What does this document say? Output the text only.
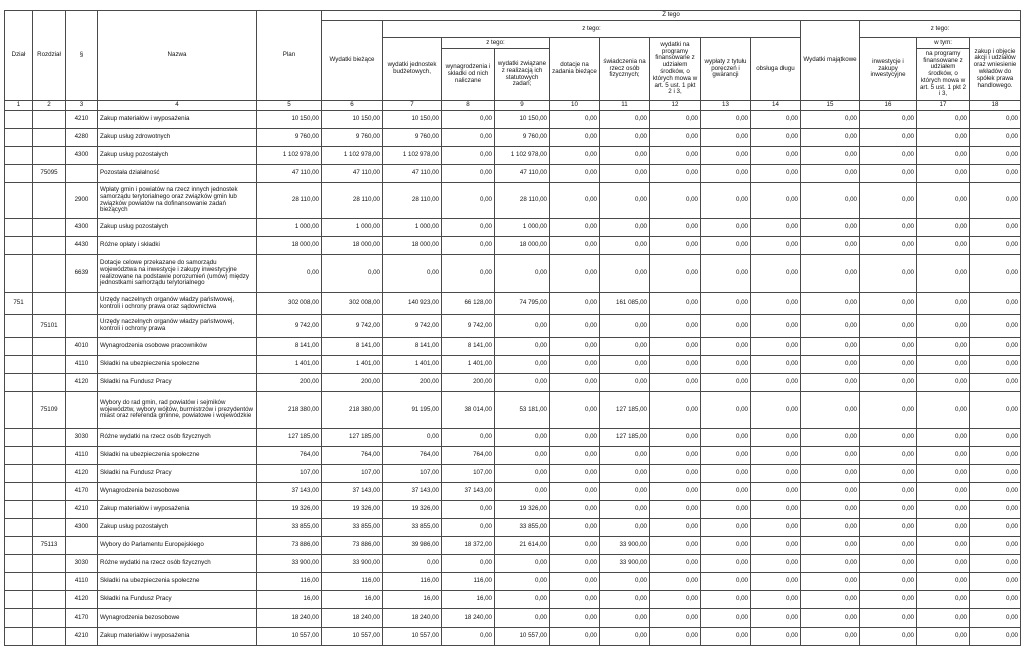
Dział	Rozdział	§	Nazwa	Plan	Z tego												
					Wydatki bieżące	z tego:								Wydatki majątkowe	z tego:		
						wydatki jednostek budżetowych,	z tego:		dotacje na zadania bieżące	świadczenia na rzecz osób fizycznych;	wydatki na programy finansowane z udziałem środków, o których mowa w art. 5 ust. 1 pkt 2 i 3,	wypłaty z tytułu poręczeń i gwarancji	obsługa długu		inwestycje i zakupy inwestycyjne	w tym:	zakup i objęcie akcji i udziałów oraz wniesienie wkładów do spółek prawa handlowego.
							wynagrodzenia i składki od nich naliczane	wydatki związane z realizacją ich statutowych zadań;								na programy finansowane z udziałem środków, o których mowa w art. 5 ust. 1 pkt 2 i 3,	
1	2	3	4	5	6	7	8	9	10	11	12	13	14	15	16	17	18
		4210	Zakup materiałów i wyposażenia	10 150,00	10 150,00	10 150,00	0,00	10 150,00	0,00	0,00	0,00	0,00	0,00	0,00	0,00	0,00	0,00
		4280	Zakup usług zdrowotnych	9 760,00	9 760,00	9 760,00	0,00	9 760,00	0,00	0,00	0,00	0,00	0,00	0,00	0,00	0,00	0,00
		4300	Zakup usług pozostałych	1 102 978,00	1 102 978,00	1 102 978,00	0,00	1 102 978,00	0,00	0,00	0,00	0,00	0,00	0,00	0,00	0,00	0,00
	75095		Pozostała działalność	47 110,00	47 110,00	47 110,00	0,00	47 110,00	0,00	0,00	0,00	0,00	0,00	0,00	0,00	0,00	0,00
		2900	Wpłaty gmin i powiatów na rzecz innych jednostek samorządu terytorialnego oraz związków gmin lub związków powiatów na dofinansowanie zadań bieżących	28 110,00	28 110,00	28 110,00	0,00	28 110,00	0,00	0,00	0,00	0,00	0,00	0,00	0,00	0,00	0,00
		4300	Zakup usług pozostałych	1 000,00	1 000,00	1 000,00	0,00	1 000,00	0,00	0,00	0,00	0,00	0,00	0,00	0,00	0,00	0,00
		4430	Różne opłaty i składki	18 000,00	18 000,00	18 000,00	0,00	18 000,00	0,00	0,00	0,00	0,00	0,00	0,00	0,00	0,00	0,00
		6639	Dotacje celowe przekazane do samorządu województwa na inwestycje i zakupy inwestycyjne realizowane na podstawie porozumień (umów) między jednostkami samorządu terytorialnego	0,00	0,00	0,00	0,00	0,00	0,00	0,00	0,00	0,00	0,00	0,00	0,00	0,00	0,00
751			Urzędy naczelnych organów władzy państwowej, kontroli i ochrony prawa oraz sądownictwa	302 008,00	302 008,00	140 923,00	66 128,00	74 795,00	0,00	161 085,00	0,00	0,00	0,00	0,00	0,00	0,00	0,00
	75101		Urzędy naczelnych organów władzy państwowej, kontroli i ochrony prawa	9 742,00	9 742,00	9 742,00	9 742,00	0,00	0,00	0,00	0,00	0,00	0,00	0,00	0,00	0,00	0,00
		4010	Wynagrodzenia osobowe pracowników	8 141,00	8 141,00	8 141,00	8 141,00	0,00	0,00	0,00	0,00	0,00	0,00	0,00	0,00	0,00	0,00
		4110	Składki na ubezpieczenia społeczne	1 401,00	1 401,00	1 401,00	1 401,00	0,00	0,00	0,00	0,00	0,00	0,00	0,00	0,00	0,00	0,00
		4120	Składki na Fundusz Pracy	200,00	200,00	200,00	200,00	0,00	0,00	0,00	0,00	0,00	0,00	0,00	0,00	0,00	0,00
	75109		Wybory do rad gmin, rad powiatów i sejmików województw, wybory wójtów, burmistrzów i prezydentów miast oraz referenda gminne, powiatowe i wojewódzkie	218 380,00	218 380,00	91 195,00	38 014,00	53 181,00	0,00	127 185,00	0,00	0,00	0,00	0,00	0,00	0,00	0,00
		3030	Różne wydatki na rzecz osób fizycznych	127 185,00	127 185,00	0,00	0,00	0,00	0,00	127 185,00	0,00	0,00	0,00	0,00	0,00	0,00	0,00
		4110	Składki na ubezpieczenia społeczne	764,00	764,00	764,00	764,00	0,00	0,00	0,00	0,00	0,00	0,00	0,00	0,00	0,00	0,00
		4120	Składki na Fundusz Pracy	107,00	107,00	107,00	107,00	0,00	0,00	0,00	0,00	0,00	0,00	0,00	0,00	0,00	0,00
		4170	Wynagrodzenia bezosobowe	37 143,00	37 143,00	37 143,00	37 143,00	0,00	0,00	0,00	0,00	0,00	0,00	0,00	0,00	0,00	0,00
		4210	Zakup materiałów i wyposażenia	19 326,00	19 326,00	19 326,00	0,00	19 326,00	0,00	0,00	0,00	0,00	0,00	0,00	0,00	0,00	0,00
		4300	Zakup usług pozostałych	33 855,00	33 855,00	33 855,00	0,00	33 855,00	0,00	0,00	0,00	0,00	0,00	0,00	0,00	0,00	0,00
	75113		Wybory do Parlamentu Europejskiego	73 886,00	73 886,00	39 986,00	18 372,00	21 614,00	0,00	33 900,00	0,00	0,00	0,00	0,00	0,00	0,00	0,00
		3030	Różne wydatki na rzecz osób fizycznych	33 900,00	33 900,00	0,00	0,00	0,00	0,00	33 900,00	0,00	0,00	0,00	0,00	0,00	0,00	0,00
		4110	Składki na ubezpieczenia społeczne	116,00	116,00	116,00	116,00	0,00	0,00	0,00	0,00	0,00	0,00	0,00	0,00	0,00	0,00
		4120	Składki na Fundusz Pracy	16,00	16,00	16,00	16,00	0,00	0,00	0,00	0,00	0,00	0,00	0,00	0,00	0,00	0,00
		4170	Wynagrodzenia bezosobowe	18 240,00	18 240,00	18 240,00	18 240,00	0,00	0,00	0,00	0,00	0,00	0,00	0,00	0,00	0,00	0,00
		4210	Zakup materiałów i wyposażenia	10 557,00	10 557,00	10 557,00	0,00	10 557,00	0,00	0,00	0,00	0,00	0,00	0,00	0,00	0,00	0,00
